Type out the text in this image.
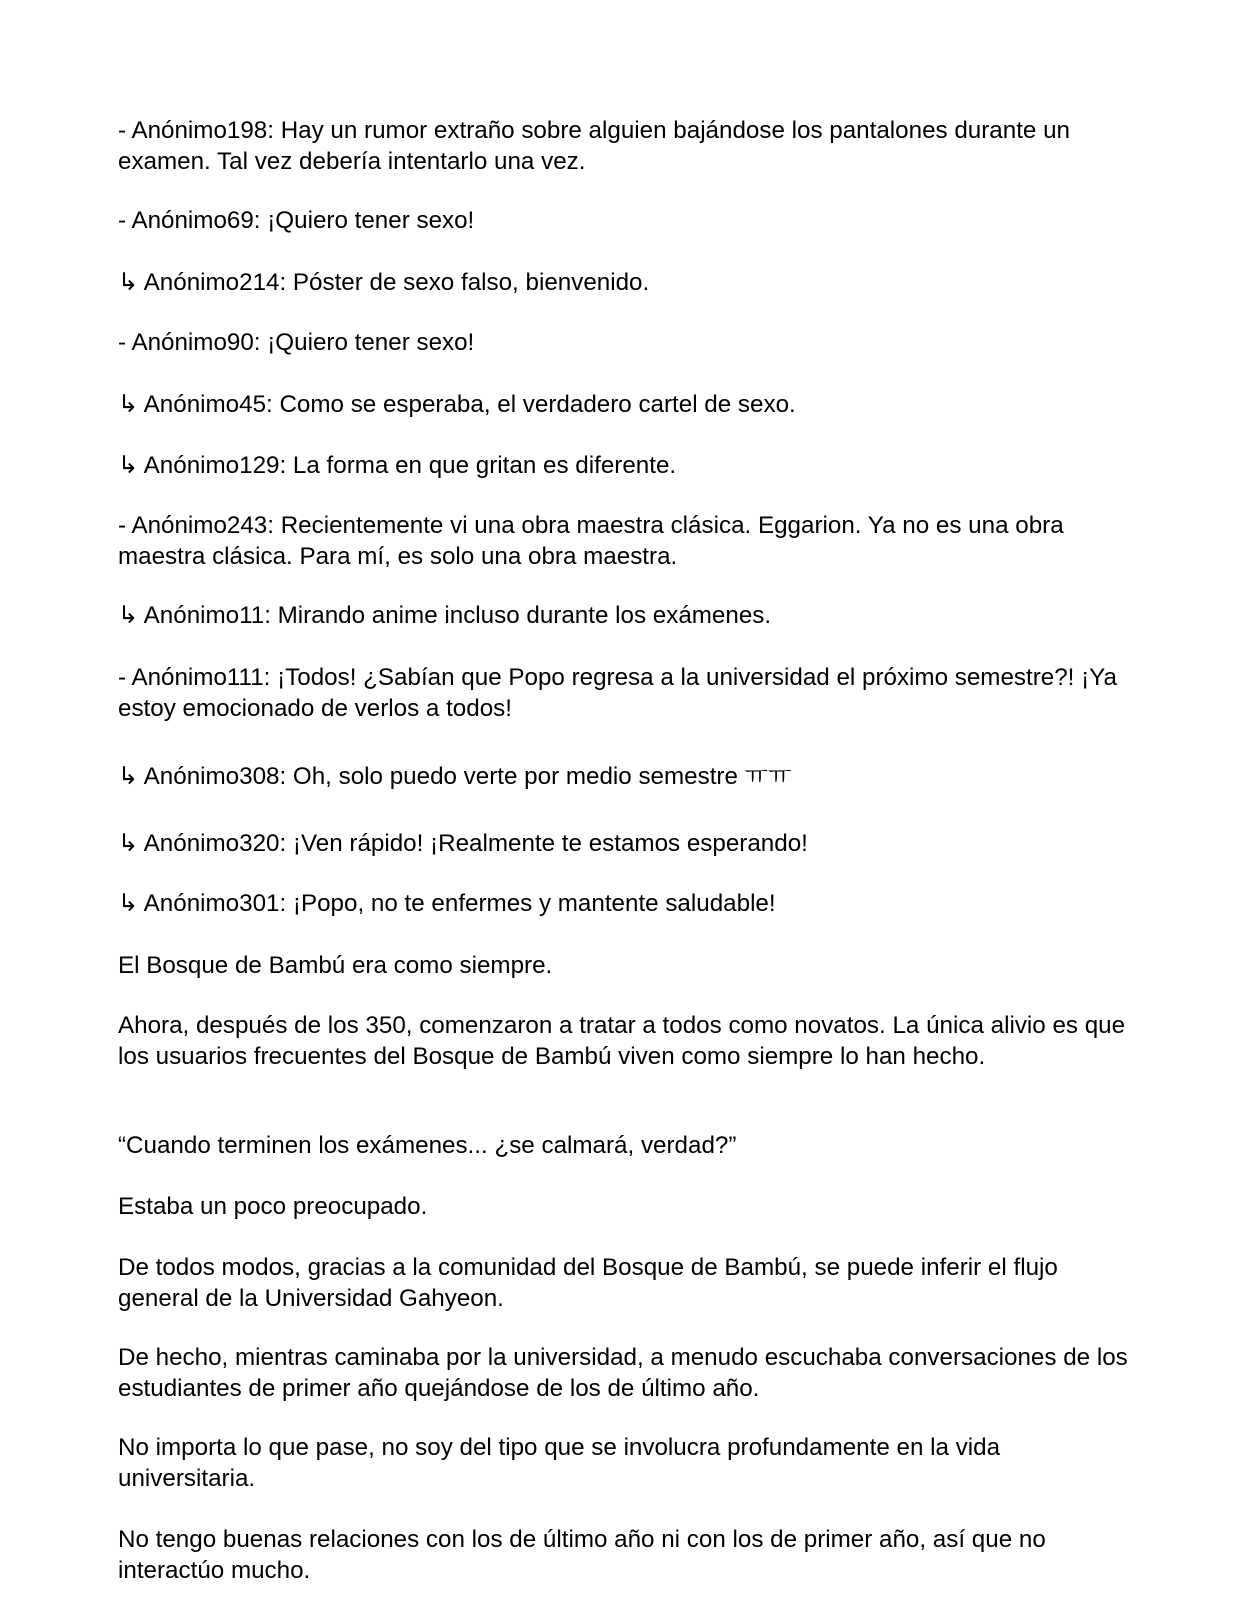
- Anónimo198: Hay un rumor extraño sobre alguien bajándose los pantalones durante un examen. Tal vez debería intentarlo una vez.

- Anónimo69: ¡Quiero tener sexo!

↳ Anónimo214: Póster de sexo falso, bienvenido.

- Anónimo90: ¡Quiero tener sexo!

↳ Anónimo45: Como se esperaba, el verdadero cartel de sexo.

↳ Anónimo129: La forma en que gritan es diferente.

- Anónimo243: Recientemente vi una obra maestra clásica. Eggarion. Ya no es una obra maestra clásica. Para mí, es solo una obra maestra.

↳ Anónimo11: Mirando anime incluso durante los exámenes.

- Anónimo111: ¡Todos! ¿Sabían que Popo regresa a la universidad el próximo semestre?! ¡Ya estoy emocionado de verlos a todos!

↳ Anónimo308: Oh, solo puedo verte por medio semestre ㅠㅠ

↳ Anónimo320: ¡Ven rápido! ¡Realmente te estamos esperando!

↳ Anónimo301: ¡Popo, no te enfermes y mantente saludable!

El Bosque de Bambú era como siempre.

Ahora, después de los 350, comenzaron a tratar a todos como novatos. La única alivio es que los usuarios frecuentes del Bosque de Bambú viven como siempre lo han hecho.

“Cuando terminen los exámenes... ¿se calmará, verdad?”

Estaba un poco preocupado.

De todos modos, gracias a la comunidad del Bosque de Bambú, se puede inferir el flujo general de la Universidad Gahyeon.

De hecho, mientras caminaba por la universidad, a menudo escuchaba conversaciones de los estudiantes de primer año quejándose de los de último año.

No importa lo que pase, no soy del tipo que se involucra profundamente en la vida universitaria.

No tengo buenas relaciones con los de último año ni con los de primer año, así que no interactúo mucho.
